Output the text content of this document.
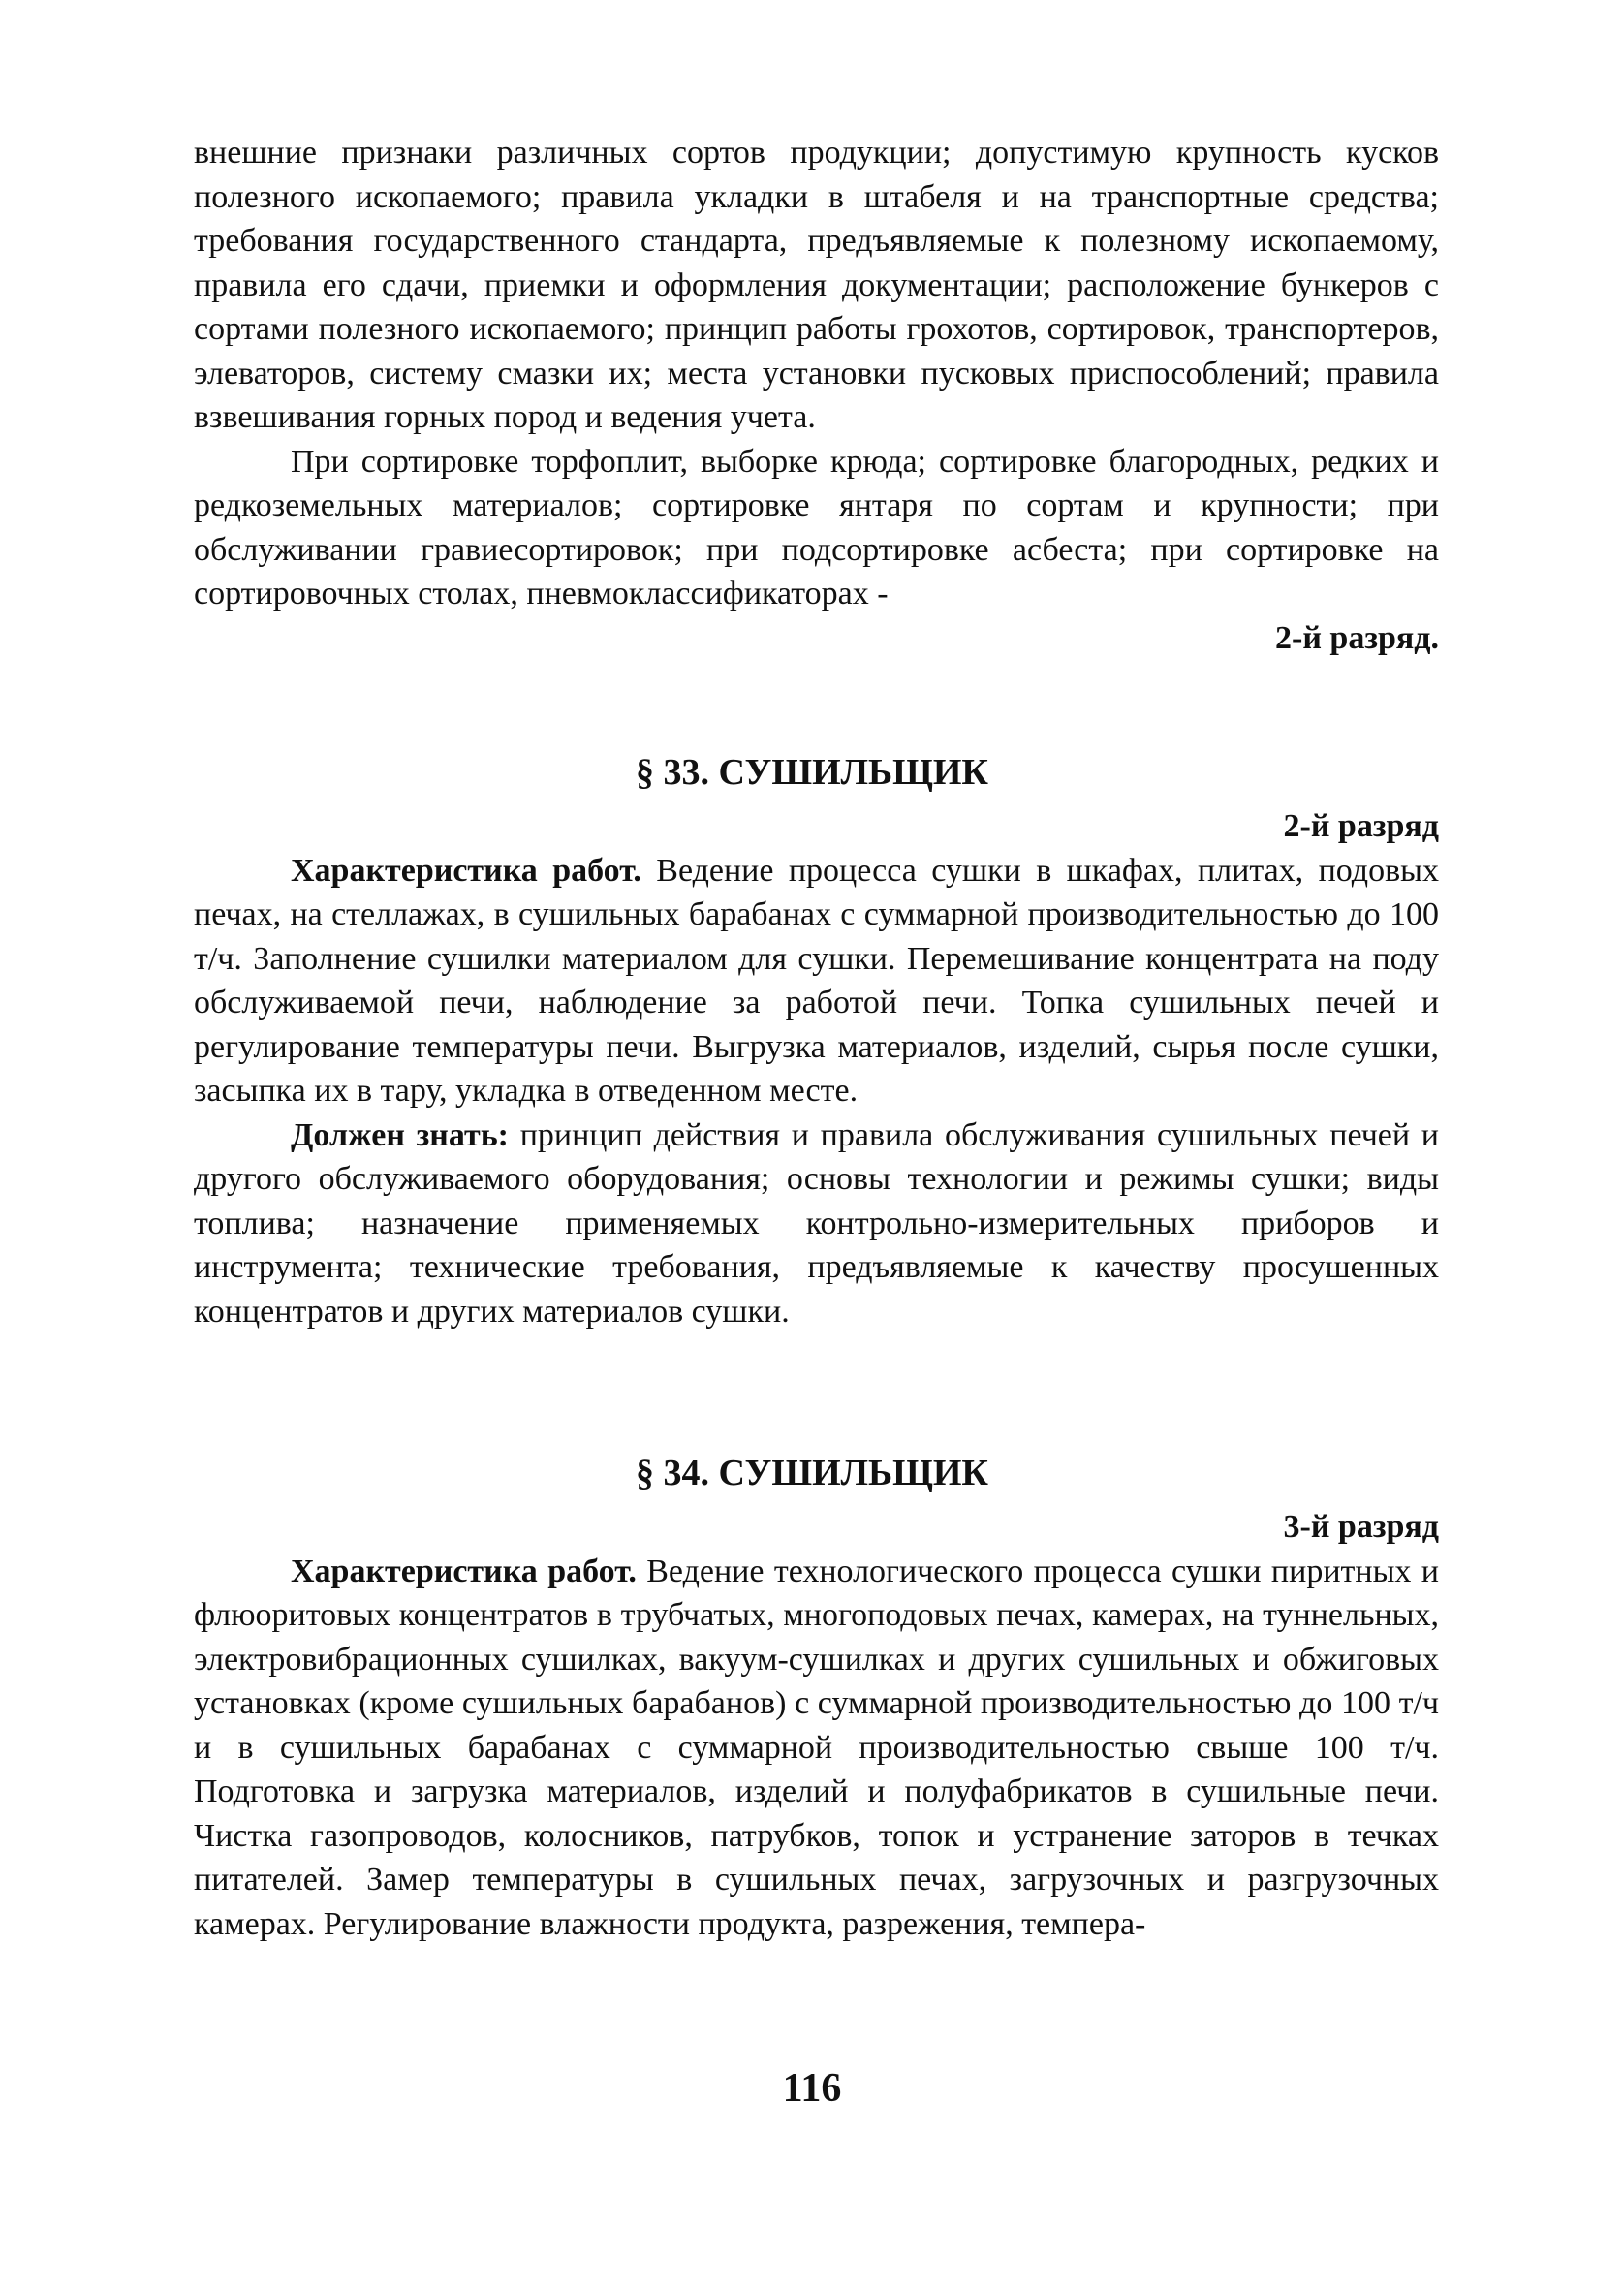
внешние признаки различных сортов продукции; допустимую крупность кусков полезного ископаемого; правила укладки в штабеля и на транспортные средства; требования государственного стандарта, предъявляемые к полезному ископаемому, правила его сдачи, приемки и оформления документации; расположение бункеров с сортами полезного ископаемого; принцип работы грохотов, сортировок, транспортеров, элеваторов, систему смазки их; места установки пусковых приспособлений; правила взвешивания горных пород и ведения учета.

При сортировке торфоплит, выборке крюда; сортировке благородных, редких и редкоземельных материалов; сортировке янтаря по сортам и крупности; при обслуживании гравиесортировок; при подсортировке асбеста; при сортировке на сортировочных столах, пневмоклассификаторах -

2-й разряд.

§ 33. СУШИЛЬЩИК

2-й разряд

Характеристика работ. Ведение процесса сушки в шкафах, плитах, подовых печах, на стеллажах, в сушильных барабанах с суммарной производительностью до 100 т/ч. Заполнение сушилки материалом для сушки. Перемешивание концентрата на поду обслуживаемой печи, наблюдение за работой печи. Топка сушильных печей и регулирование температуры печи. Выгрузка материалов, изделий, сырья после сушки, засыпка их в тару, укладка в отведенном месте.

Должен знать: принцип действия и правила обслуживания сушильных печей и другого обслуживаемого оборудования; основы технологии и режимы сушки; виды топлива; назначение применяемых контрольно-измерительных приборов и инструмента; технические требования, предъявляемые к качеству просушенных концентратов и других материалов сушки.

§ 34. СУШИЛЬЩИК

3-й разряд

Характеристика работ. Ведение технологического процесса сушки пиритных и флюоритовых концентратов в трубчатых, многоподовых печах, камерах, на туннельных, электровибрационных сушилках, вакуум-сушилках и других сушильных и обжиговых установках (кроме сушильных барабанов) с суммарной производительностью до 100 т/ч и в сушильных барабанах с суммарной производительностью свыше 100 т/ч. Подготовка и загрузка материалов, изделий и полуфабрикатов в сушильные печи. Чистка газопроводов, колосников, патрубков, топок и устранение заторов в течках питателей. Замер температуры в сушильных печах, загрузочных и разгрузочных камерах. Регулирование влажности продукта, разрежения, темпера-

116
